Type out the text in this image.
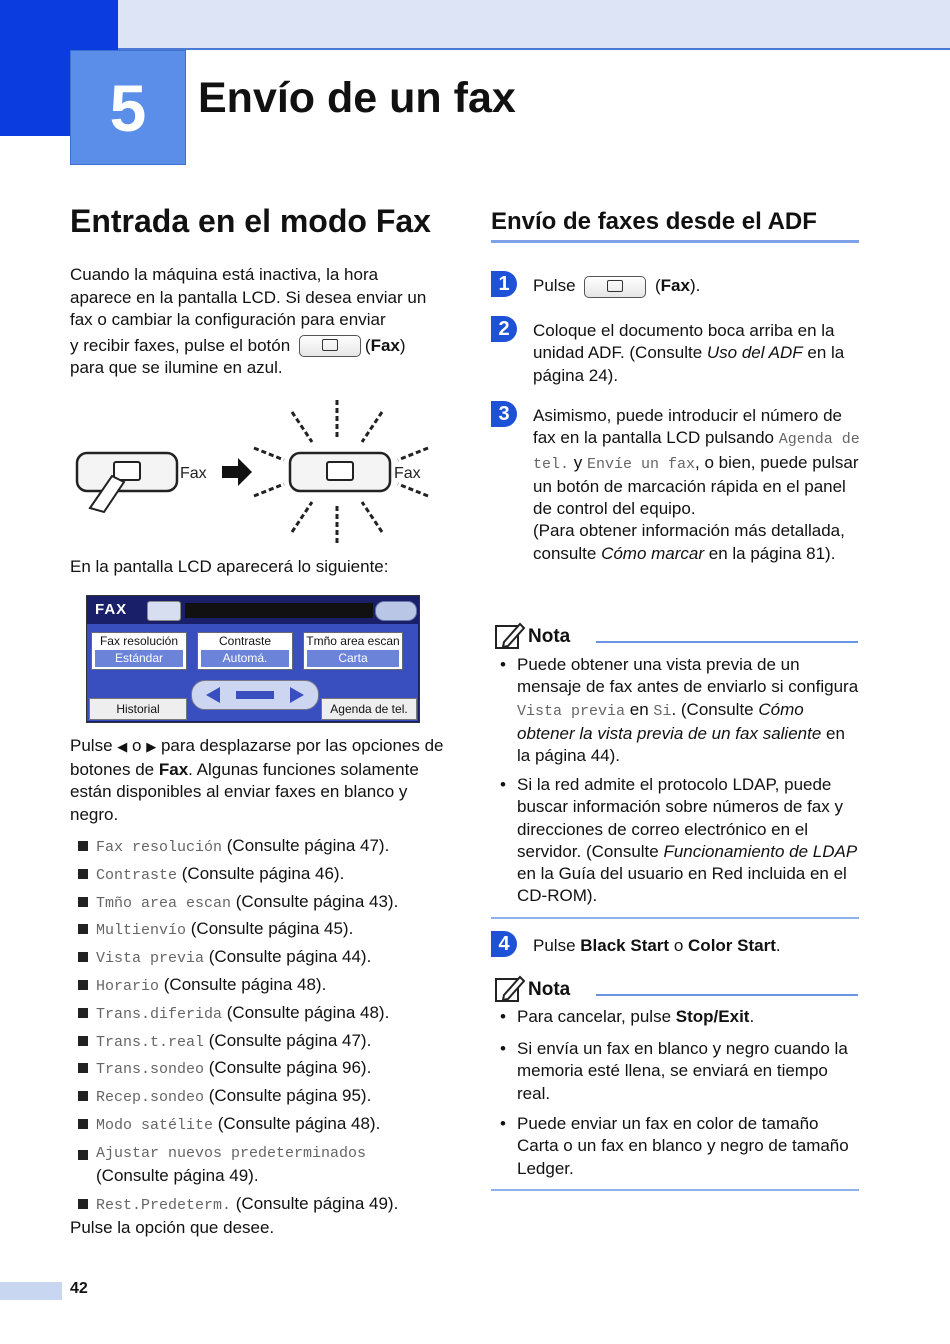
5	Envío de un fax
Entrada en el modo Fax
Cuando la máquina está inactiva, la hora aparece en la pantalla LCD. Si desea enviar un fax o cambiar la configuración para enviar
y recibir faxes, pulse el botón	(Fax)
para que se ilumine en azul.
Fax	Fax
En la pantalla LCD aparecerá lo siguiente:
FAX
Fax resolución
Estándar
Contraste
Automá.
Tmño area escan
Carta
Historial	Agenda de tel.
Pulse ◀ o ▶ para desplazarse por las opciones de botones de Fax. Algunas funciones solamente están disponibles al enviar faxes en blanco y negro.
Fax resolución (Consulte página 47).
Contraste (Consulte página 46).
Tmño area escan (Consulte página 43).
Multienvío (Consulte página 45).
Vista previa (Consulte página 44).
Horario (Consulte página 48).
Trans.diferida (Consulte página 48).
Trans.t.real (Consulte página 47).
Trans.sondeo (Consulte página 96).
Recep.sondeo (Consulte página 95).
Modo satélite (Consulte página 48).
Ajustar nuevos predeterminados
(Consulte página 49).
Rest.Predeterm. (Consulte página 49).
Pulse la opción que desee.
Envío de faxes desde el ADF
1	Pulse	(Fax).
2	Coloque el documento boca arriba en la unidad ADF. (Consulte Uso del ADF en la página 24).
3	Asimismo, puede introducir el número de fax en la pantalla LCD pulsando Agenda de tel. y Envíe un fax, o bien, puede pulsar un botón de marcación rápida en el panel de control del equipo.
(Para obtener información más detallada, consulte Cómo marcar en la página 81).
Nota
• Puede obtener una vista previa de un mensaje de fax antes de enviarlo si configura Vista previa en Si. (Consulte Cómo obtener la vista previa de un fax saliente en la página 44).
• Si la red admite el protocolo LDAP, puede buscar información sobre números de fax y direcciones de correo electrónico en el servidor. (Consulte Funcionamiento de LDAP en la Guía del usuario en Red incluida en el CD-ROM).
4	Pulse Black Start o Color Start.
Nota
• Para cancelar, pulse Stop/Exit.
• Si envía un fax en blanco y negro cuando la memoria esté llena, se enviará en tiempo real.
• Puede enviar un fax en color de tamaño Carta o un fax en blanco y negro de tamaño Ledger.
42
